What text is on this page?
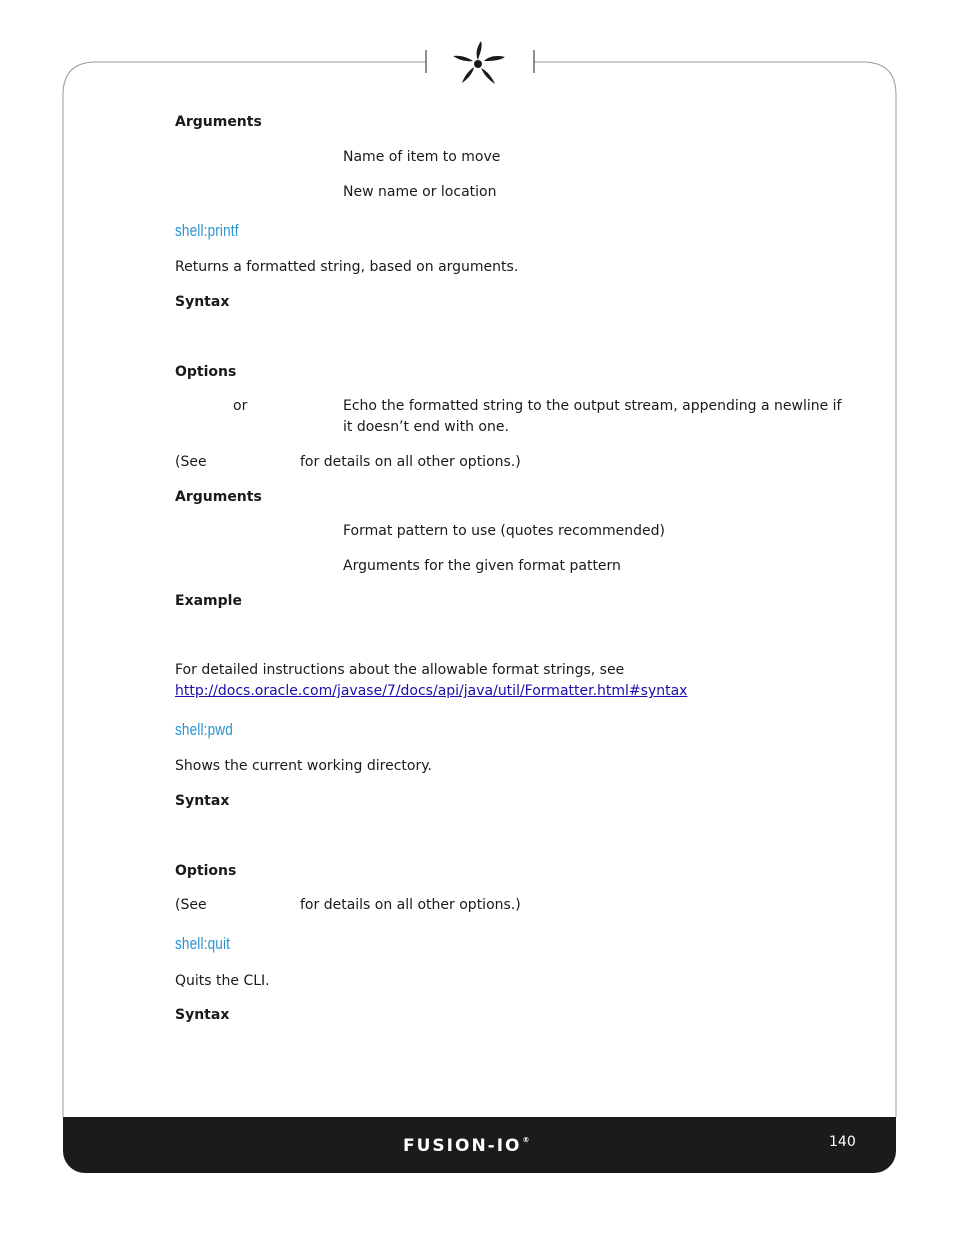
Arguments
Name of item to move
New name or location
shell:printf
Returns a formatted string, based on arguments.
Syntax
Options
or	Echo the formatted string to the output stream, appending a newline if
it doesn’t end with one.
(See	for details on all other options.)
Arguments
Format pattern to use (quotes recommended)
Arguments for the given format pattern
Example
For detailed instructions about the allowable format strings, see
http://docs.oracle.com/javase/7/docs/api/java/util/Formatter.html#syntax
shell:pwd
Shows the current working directory.
Syntax
Options
(See	for details on all other options.)
shell:quit
Quits the CLI.
Syntax
FUSION-IO®	140
